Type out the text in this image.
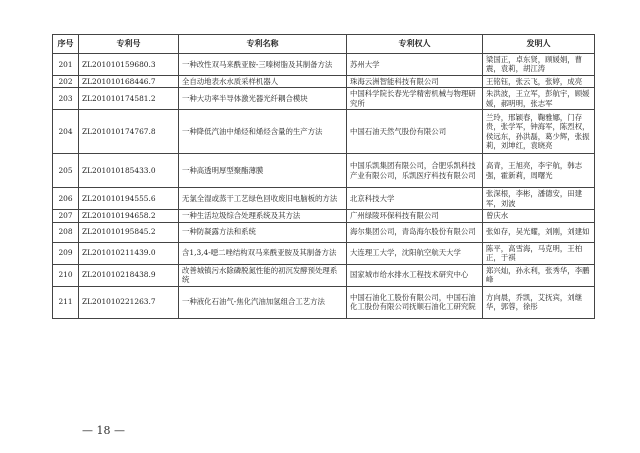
序号	专利号	专利名称	专利权人	发明人
201	ZL201010159680.3	一种改性双马来酰亚胺-三嗪树脂及其制备方法	苏州大学	梁国正，卓东贤，顾媛娟，曹震，袁莉，胡江涛
202	ZL201010168446.7	全自动地表水水质采样机器人	珠海云洲智能科技有限公司	王铭钰，张云飞，张婷，成亮
203	ZL201010174581.2	一种大功率半导体激光器光纤耦合模块	中国科学院长春光学精密机械与物理研究所	朱洪波，王立军，彭航宇，顾媛媛，郝明明，张志军
204	ZL201010174767.8	一种降低汽油中烯烃和烯烃含量的生产方法	中国石油天然气股份有限公司	兰玲，邢颖春，鞠雅娜，门存贵，张学军，钟海军，陈烈权，侯远东，孙洪磊，葛少辉，张振莉，刘坤红，袁晓亮
205	ZL201010185433.0	一种高透明厚型聚酯薄膜	中国乐凯集团有限公司，合肥乐凯科技产业有限公司，乐凯医疗科技有限公司	高青，王旭亮，李宇航，韩志强，霍新莉，周曙光
206	ZL201010194555.6	无氯全湿或蒸干工艺绿色回收废旧电脑板的方法	北京科技大学	张深根，李彬，潘德安，田建军，刘波
207	ZL201010194658.2	一种生活垃圾综合处理系统及其方法	广州绿陵环保科技有限公司	曾庆水
208	ZL201010195845.2	一种防凝露方法和系统	海尔集团公司，青岛海尔股份有限公司	张如存，吴光耀，刘刚，刘建如
209	ZL201010211439.0	含1,3,4-噁二唑结构双马来酰亚胺及其制备方法	大连理工大学，沈阳航空航天大学	陈平，高雪海，马克明，王柏正，于祺
210	ZL201010218438.9	改善城镇污水除磷脱氮性能的初沉发酵预处理系统	国家城市给水排水工程技术研究中心	郑兴灿，孙永利，张秀华，李鹏峰
211	ZL201010221263.7	一种液化石油气-焦化汽油加氢组合工艺方法	中国石油化工股份有限公司，中国石油化工股份有限公司抚顺石油化工研究院	方向晨，乔凯，艾抚宾，刘继华，郭蓉，徐彤
— 18 —
